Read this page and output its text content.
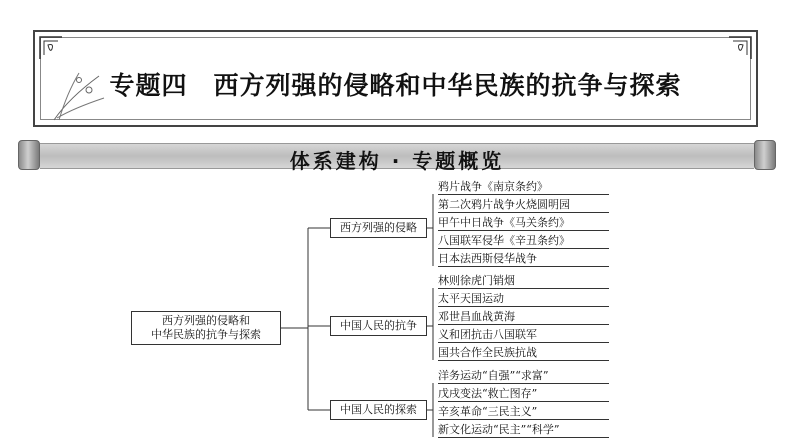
专题四　西方列强的侵略和中华民族的抗争与探索
体系建构 · 专题概览
西方列强的侵略和
中华民族的抗争与探索
西方列强的侵略
中国人民的抗争
中国人民的探索
鸦片战争《南京条约》
第二次鸦片战争火烧圆明园
甲午中日战争《马关条约》
八国联军侵华《辛丑条约》
日本法西斯侵华战争
林则徐虎门销烟
太平天国运动
邓世昌血战黄海
义和团抗击八国联军
国共合作全民族抗战
洋务运动“自强”“求富”
戊戌变法“救亡图存”
辛亥革命“三民主义”
新文化运动“民主”“科学”
